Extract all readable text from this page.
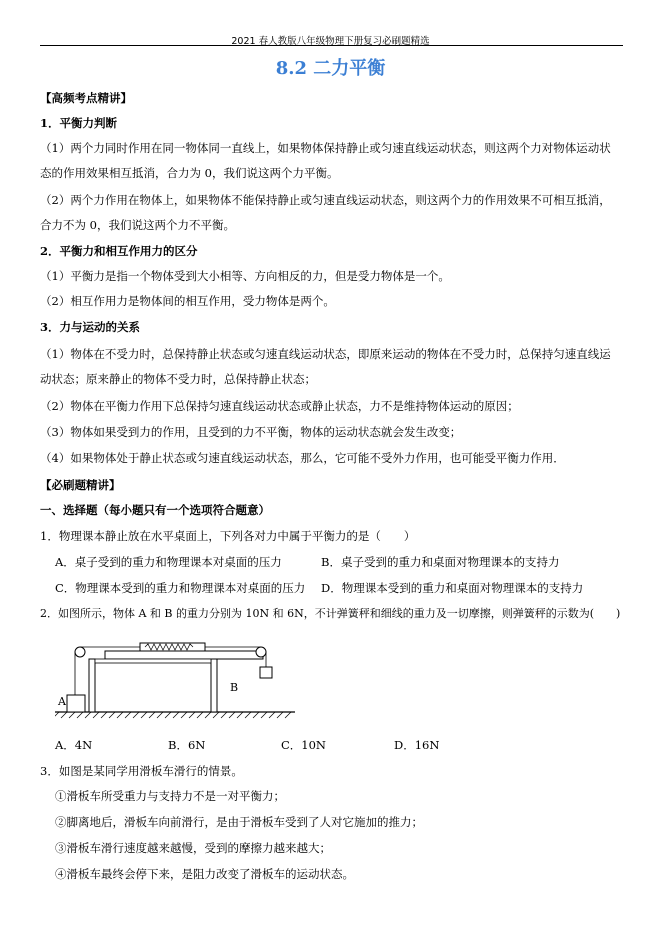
2021 春人教版八年级物理下册复习必刷题精选
8.2 二力平衡
【高频考点精讲】
1．平衡力判断
（1）两个力同时作用在同一物体同一直线上，如果物体保持静止或匀速直线运动状态，则这两个力对物体运动状
态的作用效果相互抵消，合力为 0，我们说这两个力平衡。
（2）两个力作用在物体上，如果物体不能保持静止或匀速直线运动状态，则这两个力的作用效果不可相互抵消，
合力不为 0，我们说这两个力不平衡。
2．平衡力和相互作用力的区分
（1）平衡力是指一个物体受到大小相等、方向相反的力，但是受力物体是一个。
（2）相互作用力是物体间的相互作用，受力物体是两个。
3．力与运动的关系
（1）物体在不受力时，总保持静止状态或匀速直线运动状态，即原来运动的物体在不受力时，总保持匀速直线运
动状态；原来静止的物体不受力时，总保持静止状态；
（2）物体在平衡力作用下总保持匀速直线运动状态或静止状态，力不是维持物体运动的原因；
（3）物体如果受到力的作用，且受到的力不平衡，物体的运动状态就会发生改变；
（4）如果物体处于静止状态或匀速直线运动状态，那么，它可能不受外力作用，也可能受平衡力作用．
【必刷题精讲】
一、选择题（每小题只有一个选项符合题意）
1．物理课本静止放在水平桌面上，下列各对力中属于平衡力的是（　　）
A．桌子受到的重力和物理课本对桌面的压力	B．桌子受到的重力和桌面对物理课本的支持力
C．物理课本受到的重力和物理课本对桌面的压力 D．物理课本受到的重力和桌面对物理课本的支持力
2．如图所示，物体 A 和 B 的重力分别为 10N 和 6N，不计弹簧秤和细线的重力及一切摩擦，则弹簧秤的示数为(　　)
A
B
A．4N	B．6N	C．10N	D．16N
3．如图是某同学用滑板车滑行的情景。
①滑板车所受重力与支持力不是一对平衡力；
②脚离地后，滑板车向前滑行，是由于滑板车受到了人对它施加的推力；
③滑板车滑行速度越来越慢，受到的摩擦力越来越大；
④滑板车最终会停下来，是阻力改变了滑板车的运动状态。
